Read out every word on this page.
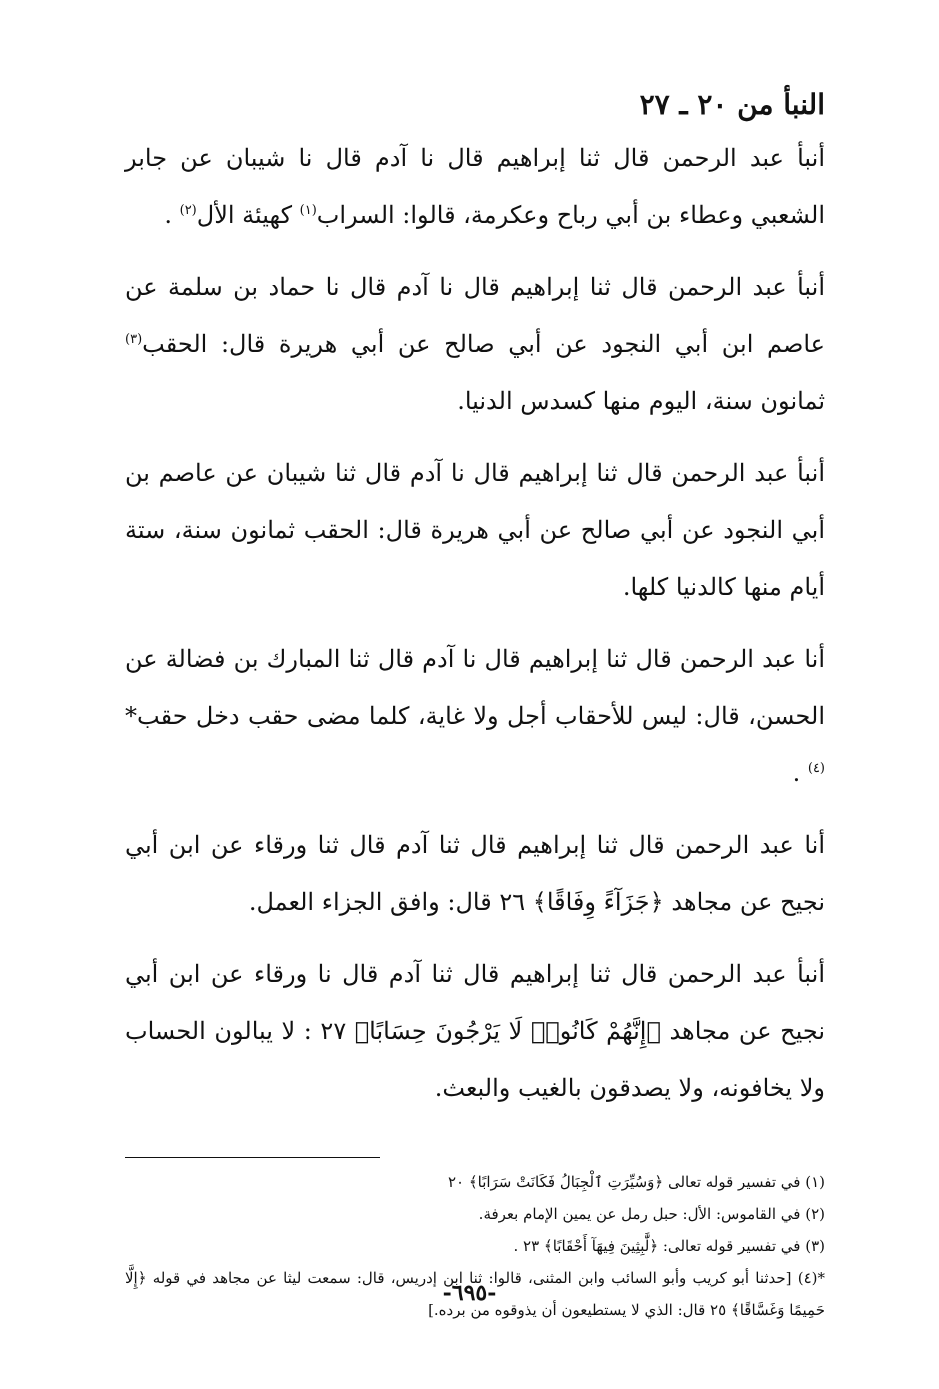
النبأ من ٢٠ ـ ٢٧

أنبأ عبد الرحمن قال ثنا إبراهيم قال نا آدم قال نا شيبان عن جابر الشعبي وعطاء بن أبي رباح وعكرمة، قالوا: السراب$^{(١)}$ كهيئة الأل$^{(٢)}$ .

أنبأ عبد الرحمن قال ثنا إبراهيم قال نا آدم قال نا حماد بن سلمة عن عاصم ابن أبي النجود عن أبي صالح عن أبي هريرة قال: الحقب$^{(٣)}$ ثمانون سنة، اليوم منها كسدس الدنيا.

أنبأ عبد الرحمن قال ثنا إبراهيم قال نا آدم قال ثنا شيبان عن عاصم بن أبي النجود عن أبي صالح عن أبي هريرة قال: الحقب ثمانون سنة، ستة أيام منها كالدنيا كلها.

أنا عبد الرحمن قال ثنا إبراهيم قال نا آدم قال ثنا المبارك بن فضالة عن الحسن، قال: ليس للأحقاب أجل ولا غاية، كلما مضى حقب دخل حقب*$^{(٤)}$ .

أنا عبد الرحمن قال ثنا إبراهيم قال ثنا آدم قال ثنا ورقاء عن ابن أبي نجيح عن مجاهد ﴿جَزَآءً وِفَاقًا﴾ ٢٦ قال: وافق الجزاء العمل.

أنبأ عبد الرحمن قال ثنا إبراهيم قال ثنا آدم قال نا ورقاء عن ابن أبي نجيح عن مجاهد ﴿إِنَّهُمْ كَانُوا۟ لَا يَرْجُونَ حِسَابًا﴾ ٢٧ : لا يبالون الحساب ولا يخافونه، ولا يصدقون بالغيب والبعث.

(١) في تفسير قوله تعالى ﴿وَسُيِّرَتِ ٱلْجِبَالُ فَكَانَتْ سَرَابًا﴾ ٢٠

(٢) في القاموس: الأل: حبل رمل عن يمين الإمام بعرفة.

(٣) في تفسير قوله تعالى: ﴿لَّٰبِثِينَ فِيهَآ أَحْقَابًا﴾ ٢٣ .

*(٤) [حدثنا أبو كريب وأبو السائب وابن المثنى، قالوا: ثنا ابن إدريس، قال: سمعت ليثا عن مجاهد في قوله ﴿إِلَّا حَمِيمًا وَغَسَّاقًا﴾ ٢٥ قال: الذي لا يستطيعون أن يذوقوه من برده.]

-٦٩٥-
